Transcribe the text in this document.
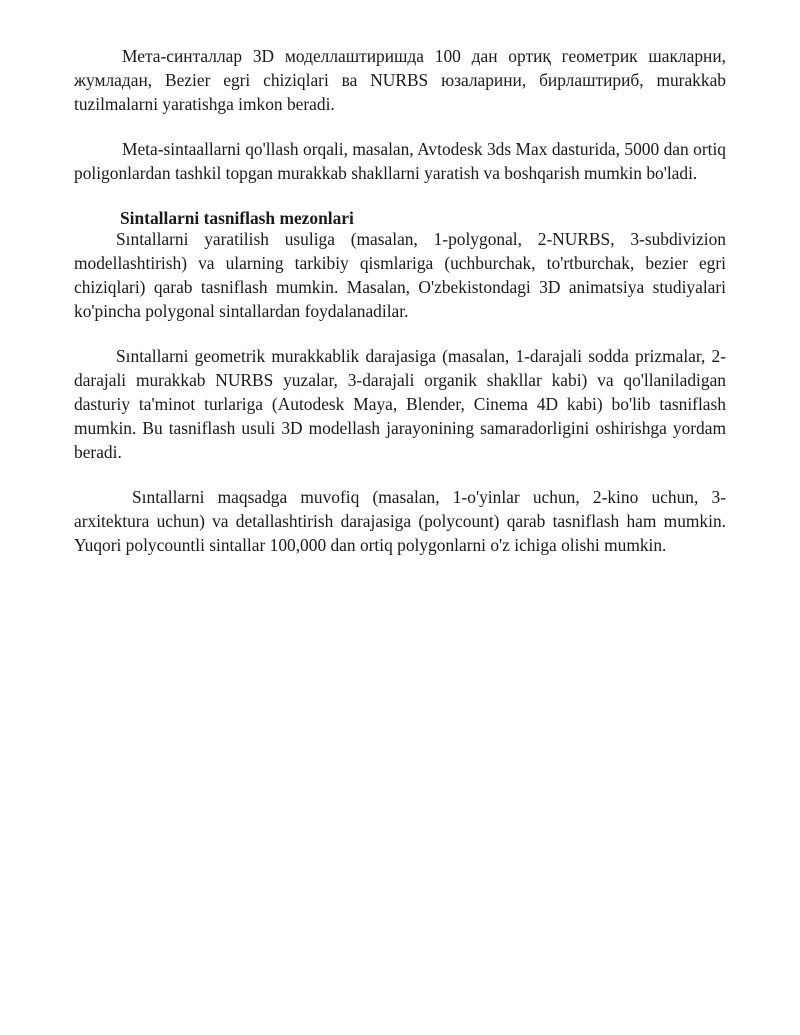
Мета-синталлар 3D моделлаштиришда 100 дан ортиқ геометрик шакларни, жумладан, Bezier egri chiziqlari ва NURBS юзаларини, бирлаштириб, murakkab tuzilmalarni yaratishga imkon beradi.

Meta-sintaallarni qo'llash orqali, masalan, Avtodesk 3ds Max dasturida, 5000 dan ortiq poligonlardan tashkil topgan murakkab shakllarni yaratish va boshqarish mumkin bo'ladi.

Sintallarni tasniflash mezonlari

Sıntallarni yaratilish usuliga (masalan, 1-polygonal, 2-NURBS, 3-subdivizion modellashtirish) va ularning tarkibiy qismlariga (uchburchak, to'rtburchak, bezier egri chiziqlari) qarab tasniflash mumkin. Masalan, O'zbekistondagi 3D animatsiya studiyalari ko'pincha polygonal sintallardan foydalanadilar.

Sıntallarni geometrik murakkablik darajasiga (masalan, 1-darajali sodda prizmalar, 2-darajali murakkab NURBS yuzalar, 3-darajali organik shakllar kabi) va qo'llaniladigan dasturiy ta'minot turlariga (Autodesk Maya, Blender, Cinema 4D kabi) bo'lib tasniflash mumkin. Bu tasniflash usuli 3D modellash jarayonining samaradorligini oshirishga yordam beradi.

Sıntallarni maqsadga muvofiq (masalan, 1-o'yinlar uchun, 2-kino uchun, 3-arxitektura uchun) va detallashtirish darajasiga (polycount) qarab tasniflash ham mumkin. Yuqori polycountli sintallar 100,000 dan ortiq polygonlarni o'z ichiga olishi mumkin.
